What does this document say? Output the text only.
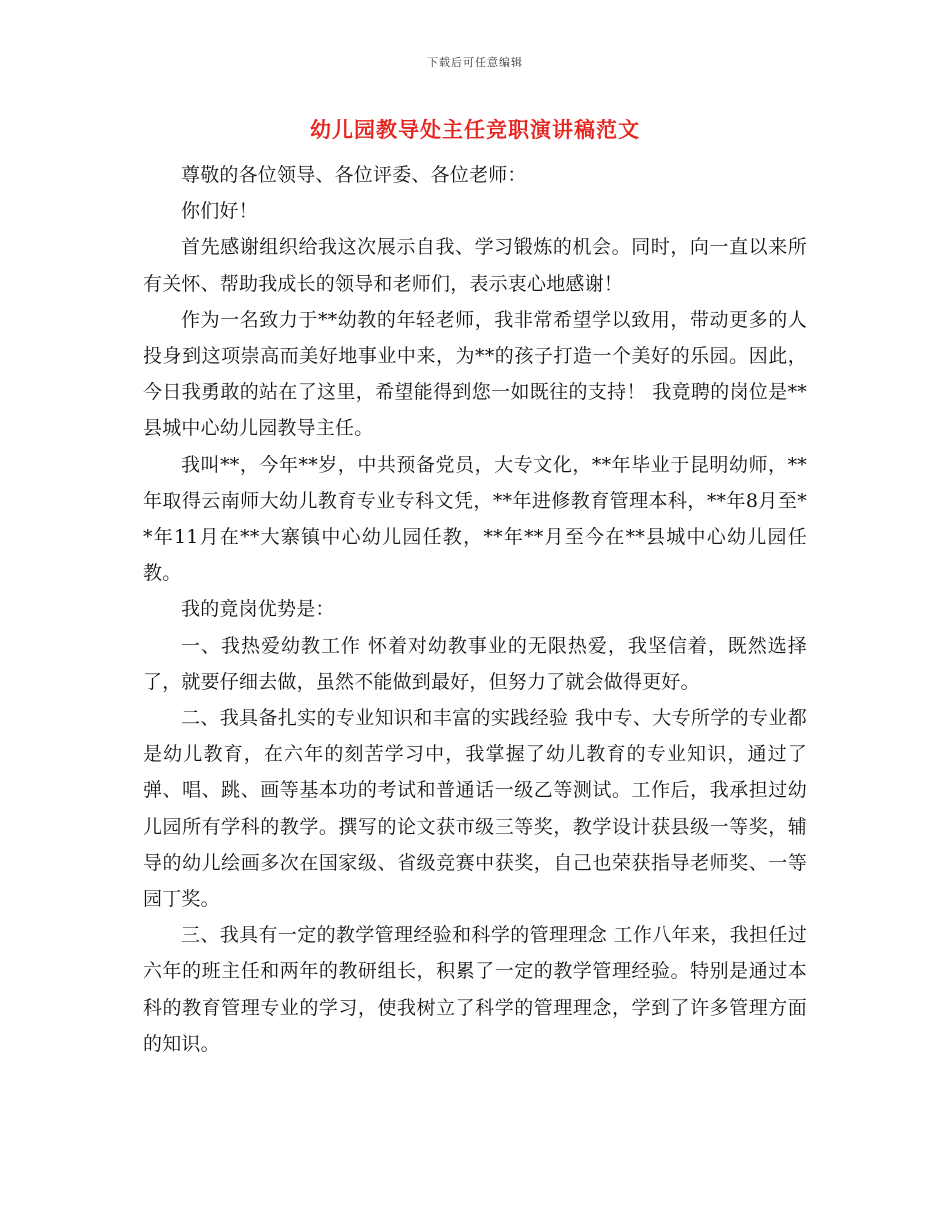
下载后可任意编辑
幼儿园教导处主任竞职演讲稿范文

尊敬的各位领导、各位评委、各位老师：

你们好！

首先感谢组织给我这次展示自我、学习锻炼的机会。同时，向一直以来所有关怀、帮助我成长的领导和老师们，表示衷心地感谢！

作为一名致力于**幼教的年轻老师，我非常希望学以致用，带动更多的人投身到这项崇高而美好地事业中来，为**的孩子打造一个美好的乐园。因此，今日我勇敢的站在了这里，希望能得到您一如既往的支持！ 我竟聘的岗位是**县城中心幼儿园教导主任。

我叫**，今年**岁，中共预备党员，大专文化，**年毕业于昆明幼师，**年取得云南师大幼儿教育专业专科文凭，**年进修教育管理本科，**年8月至**年11月在**大寨镇中心幼儿园任教，**年**月至今在**县城中心幼儿园任教。

我的竟岗优势是：

一、我热爱幼教工作 怀着对幼教事业的无限热爱，我坚信着，既然选择了，就要仔细去做，虽然不能做到最好，但努力了就会做得更好。

二、我具备扎实的专业知识和丰富的实践经验 我中专、大专所学的专业都是幼儿教育，在六年的刻苦学习中，我掌握了幼儿教育的专业知识，通过了弹、唱、跳、画等基本功的考试和普通话一级乙等测试。工作后，我承担过幼儿园所有学科的教学。撰写的论文获市级三等奖，教学设计获县级一等奖，辅导的幼儿绘画多次在国家级、省级竞赛中获奖，自己也荣获指导老师奖、一等园丁奖。

三、我具有一定的教学管理经验和科学的管理理念 工作八年来，我担任过六年的班主任和两年的教研组长，积累了一定的教学管理经验。特别是通过本科的教育管理专业的学习，使我树立了科学的管理理念，学到了许多管理方面的知识。
